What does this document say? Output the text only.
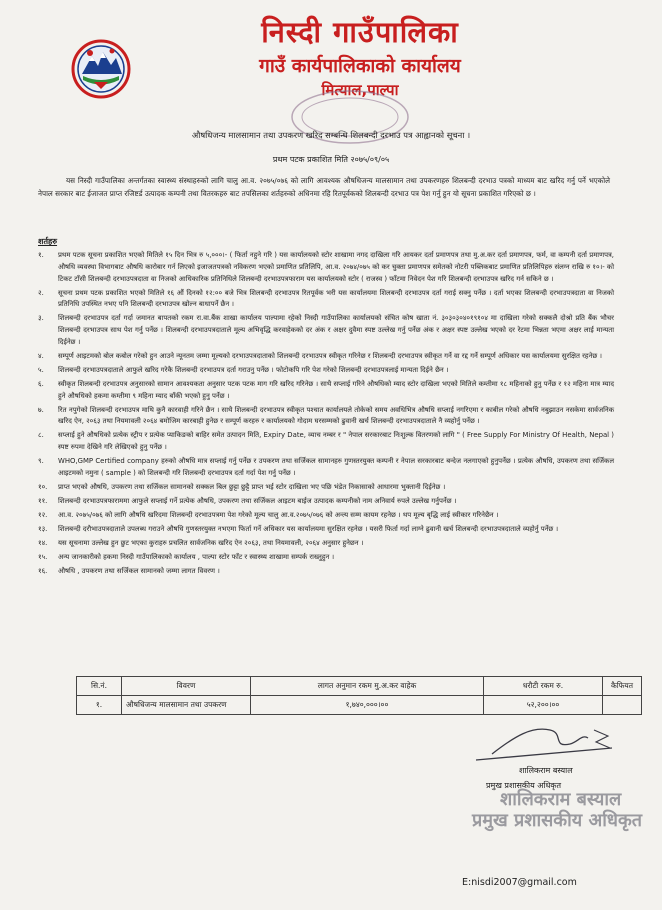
निस्दी गाउँपालिका
गाउँ कार्यपालिकाको कार्यालय
मित्याल,पाल्पा
औषधिजन्य मालसामान तथा उपकरण खरिद सम्बन्धि शिलबन्दी दरभाउ पत्र आह्वानको सूचना ।
प्रथम पटक प्रकाशित मिति २०७५/०९/०५

यस निस्दी गाउँपालिका अन्तर्गतका स्वास्थ्य संस्थाहरुको लागि चालु आ.व. २०७५/०७६ को लागि आवश्यक औषधिजन्य मालसामान तथा उपकरणहरु शिलबन्दी दरभाउ पत्रको माध्यम बाट खरिद गर्नु पर्ने भएकोले नेपाल सरकार बाट ईजाजत प्राप्त रजिष्टर्ड उत्पादक कम्पनी तथा वितरकहरु बाट तपसिलका शर्तहरुको अधिनमा रहि रितपूर्वकको शिलबन्दी दरभाउ पत्र पेश गर्नु हुन यो सूचना प्रकाशित गरिएको छ ।

शर्तहरु
१. प्रथम पटक सूचना प्रकाशित भएको मितिले १५ दिन भित्र रु ५,०००।- ( फिर्ता नहुने गरि ) यस कार्यालयको स्टोर शाखामा नगद दाखिला गरि आयकर दर्ता प्रमाणपत्र तथा मु.अ.कर दर्ता प्रमाणपत्र, फर्म, वा कम्पनी दर्ता प्रमाणपत्र, औषधि व्यवस्था विभागबाट औषधि कारोबार गर्न लिएको इजाजतपत्रको नविकरण भएको प्रमाणित प्रतिलिपि, आ.व. २०७४/०७५ को कर चुक्ता प्रमाणपत्र समेतको नोटरी पब्लिकबाट प्रमाणित प्रतिलिपिहरु संलग्न राखि रु १०।- को टिकट टाँसी शिलबन्दी दरभाउपत्रदाता वा निजको आधिकारिक प्रतिनिधिले शिलबन्दी दरभाउपत्रफाराम यस कार्यालयको स्टोर ( राजस्व ) फाँटमा निवेदन पेश गरि शिलबन्दी दरभाउपत्र खरिद गर्न सकिने छ ।
२. सूचना प्रथम पटक प्रकाशित भएको मितिले १६ औं दिनको १२:०० बजे भित्र शिलबन्दी दरभाउपत्र रितपूर्वक भरी यस कार्यालयमा शिलबन्दी दरभाउपत्र दर्ता गराई सक्नु पर्नेछ । दर्ता भएका शिलबन्दी दरभाउपत्रदाता वा निजको प्रतिनिधि उपस्थित नभए पनि शिलबन्दी दरभाउपत्र खोल्न बाधापर्ने छैन ।
३. शिलबन्दी दरभाउपत्र दर्ता गर्दा जमानत बापतको रकम रा.वा.बैंक शाखा कार्यालय पाल्पामा रहेको निस्दी गाउँपालिका कार्यालयको संचित कोष खाता नं. ३०३०३०४०१९१०४ मा दाखिला गरेको सक्कलै दोश्रो प्रति बैंक भौचर शिलबन्दी दरभाउपत्र साथ पेश गर्नु पर्नेछ । शिलबन्दी दरभाउपत्रदाताले मूल्य अभिवृद्धि करवाहेकको दर अंक र अक्षर दुवैमा स्पष्ट उल्लेख गर्नु पर्नेछ अंक र अक्षर स्पष्ट उल्लेख भएको दर रेटमा भिन्नता भएमा अक्षर लाई मान्यता दिईनेछ ।
४. सम्पूर्ण आइटमको बोल कबोल गरेको हुन आउने न्यूनतम जम्मा मूल्यको दरभाउपत्रदाताको शिलबन्दी दरभाउपत्र स्वीकृत गरिनेछ र शिलबन्दी दरभाउपत्र स्वीकृत गर्ने वा रद्द गर्ने सम्पूर्ण अधिकार यस कार्यालयमा सुरक्षित रहनेछ ।
५. शिलबन्दी दरभाउपत्रदाताले आफुले खरिद गरेकै शिलबन्दी दरभाउपत्र दर्ता गराउनु पर्नेछ । फोटोकपि गरि पेश गरेको शिलबन्दी दरभाउपत्रलाई मान्यता दिईने छैन ।
६. स्वीकृत शिलबन्दी दरभाउपत्र अनुसारको सामान आवश्यकता अनुसार पटक पटक माग गरि खरिद गरिनेछ । साथै सप्लाई गरिने औषधिको म्याद स्टोर दाखिला भएको मितिले कम्तीमा १८ महिनाको हुनु पर्नेछ र १२ महिना मात्र म्याद हुने औषधिको हकमा कम्तीमा ९ महिना म्याद बाँकी भएको हुनु पर्नेछ ।
७. रित नपुगेको शिलबन्दी दरभाउपत्र माथि कुनै कारवाही गरिने छैन । साथै शिलबन्दी दरभाउपत्र स्वीकृत पश्चात कार्यालयले तोकेको समय अवधिभित्र औषधि सप्लाई नगरिएमा र काबील गरेको औषधि नबुझाउन नसकेमा सार्वजनिक खरिद ऐन, २०६३ तथा नियमावली २०६४ बमोजिम कारबाही हुनेछ र सम्पूर्ण करहरु र कार्यालयको गोदाम घरसम्मको ढुवानी खर्च शिलबन्दी दरभाउपत्रदाताले नै व्यहोर्नु पर्नेछ ।
८. सप्लाई हुने औषधिको प्रत्येक स्ट्रीप र प्रत्येक प्याकिङको बाहिर समेत उत्पादन मिति, Expiry Date, व्याच नम्बर र " नेपाल सरकारबाट निःशुल्क वितरणको लागि " ( Free Supply For Ministry Of Health, Nepal ) स्पष्ट रुपमा देखिने गरि लेखिएको हुनु पर्नेछ ।
९. WHO,GMP Certified company हरुको औषधि मात्र सप्लाई गर्नु पर्नेछ र उपकरण तथा सर्जिकल सामानहरु गुणस्तरयुक्त कम्पनी र नेपाल सरकारबाट बन्देज नलगाएको हुनुपर्नेछ । प्रत्येक औषधि, उपकरण तथा सर्जिकल आइटमको नमुना ( sample ) को शिलबन्दी गरि शिलबन्दी दरभाउपत्र दर्ता गर्दा पेश गर्नु पर्नेछ ।
१०. प्राप्त भएको औषधि, उपकरण तथा सर्जिकल सामानको सक्कल बिल छुट्टा छुट्टै प्राप्त भई स्टोर दाखिला भए पछि भंडेत निकासाको आधारमा भुक्तानी दिईनेछ ।
११. शिलबन्दी दरभाउपत्रफाराममा आफुले सप्लाई गर्ने प्रत्येक औषधि, उपकरण तथा सर्जिकल आइटम बाईज उत्पादक कम्पनीको नाम अनिवार्य रुपले उल्लेख गर्नुपर्नेछ ।
१२. आ.व. २०७५/०७६ को लागि औषधि खरिदमा शिलबन्दी दरभाउपत्रमा पेश गरेको मूल्य चालु आ.व.२०७५/०७६ को अन्त्य सम्म कायम रहनेछ । थप मूल्य बृद्धि लाई स्वीकार गरिनेछैन ।
१३. शिलबन्दी दरौभाउपत्रदाताले उपलब्ध गराउने औषधि गुणस्तरयुक्त नभएमा फिर्ता गर्ने अधिकार यस कार्यालयमा सुरक्षित रहनेछ । यसरी फिर्ता गर्दा लाग्ने ढुवानी खर्च शिलबन्दी दरभाउपत्रदाताले व्यहोर्नु पर्नेछ ।
१४. यस सूचनामा उल्लेख हुन छुट भएका कुराहरु प्रचलित सार्वजनिक खरिद ऐन २०६३, तथा नियमावली, २०६४ अनुसार हुनेछन ।
१५. अन्य जानकारीको हकमा निस्दी गाउँपालिकाको कार्यालय , पाल्पा स्टोर फाँट र स्वास्थ्य शाखामा सम्पर्क राख्नुहुन ।
१६. औषधि , उपकरण तथा सर्जिकल सामानको जम्मा लागत विवरण ।
सि.नं.	विवरण	लागत अनुमान रकम मु.अ.कर वाहेक	धरौटी रकम रु.	कैफियत
१.	औषधिजन्य मालसामान तथा उपकरण	१,७४०,०००।००	५२,२००।००	
शालिकराम बस्याल
प्रमुख प्रशासकीय अधिकृत
शालिकराम बस्याल
प्रमुख प्रशासकीय अधिकृत
E:nisdi2007@gmail.com
